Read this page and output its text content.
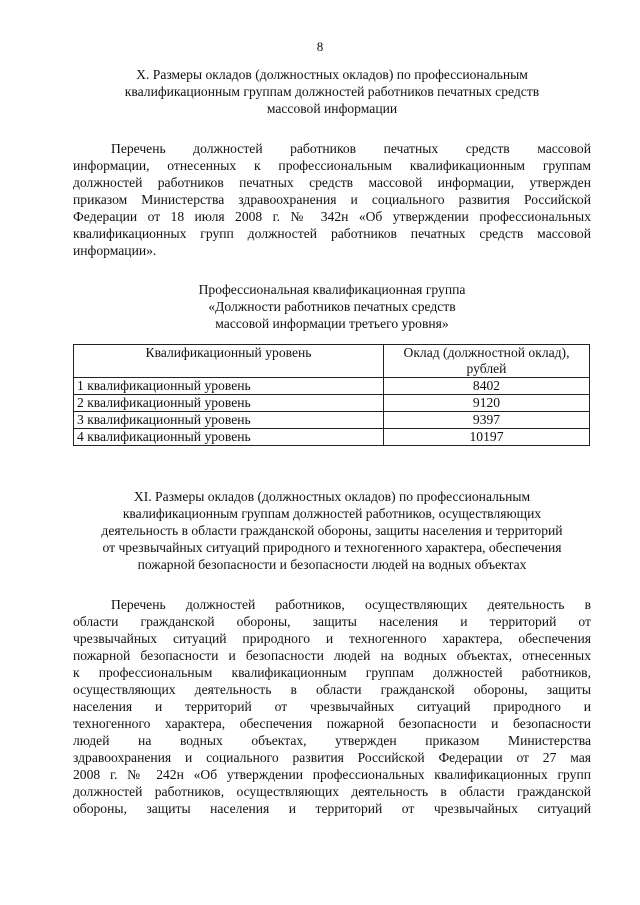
8
X. Размеры окладов (должностных окладов) по профессиональным
квалификационным группам должностей работников печатных средств
массовой информации
Перечень должностей работников печатных средств массовой
информации, отнесенных к профессиональным квалификационным группам
должностей работников печатных средств массовой информации, утвержден
приказом Министерства здравоохранения и социального развития Российской
Федерации от 18 июля 2008 г. № 342н «Об утверждении профессиональных
квалификационных групп должностей работников печатных средств массовой
информации».
Профессиональная квалификационная группа
«Должности работников печатных средств
массовой информации третьего уровня»
Квалификационный уровень	Оклад (должностной оклад),
рублей

1 квалификационный уровень	8402
2 квалификационный уровень	9120
3 квалификационный уровень	9397
4 квалификационный уровень	10197
XI. Размеры окладов (должностных окладов) по профессиональным
квалификационным группам должностей работников, осуществляющих
деятельность в области гражданской обороны, защиты населения и территорий
от чрезвычайных ситуаций природного и техногенного характера, обеспечения
пожарной безопасности и безопасности людей на водных объектах
Перечень должностей работников, осуществляющих деятельность в
области гражданской обороны, защиты населения и территорий от
чрезвычайных ситуаций природного и техногенного характера, обеспечения
пожарной безопасности и безопасности людей на водных объектах, отнесенных
к профессиональным квалификационным группам должностей работников,
осуществляющих деятельность в области гражданской обороны, защиты
населения и территорий от чрезвычайных ситуаций природного и
техногенного характера, обеспечения пожарной безопасности и безопасности
людей на водных объектах, утвержден приказом Министерства
здравоохранения и социального развития Российской Федерации от 27 мая
2008 г. № 242н «Об утверждении профессиональных квалификационных групп
должностей работников, осуществляющих деятельность в области гражданской
обороны, защиты населения и территорий от чрезвычайных ситуаций
